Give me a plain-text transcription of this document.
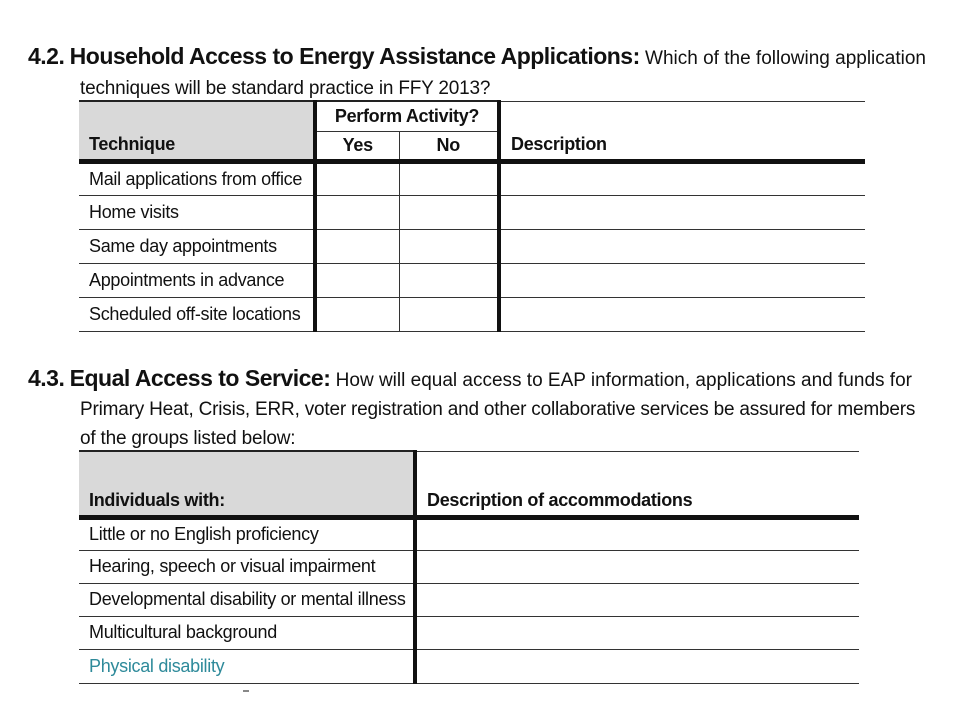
4.2. Household Access to Energy Assistance Applications: Which of the following application
techniques will be standard practice in FFY 2013?
	Perform Activity?		
Technique	Yes	No	Description
Mail applications from office			
Home visits			
Same day appointments			
Appointments in advance			
Scheduled off-site locations			
4.3. Equal Access to Service: How will equal access to EAP information, applications and funds for
Primary Heat, Crisis, ERR, voter registration and other collaborative services be assured for members
of the groups listed below:
Individuals with:	Description of accommodations
Little or no English proficiency	
Hearing, speech or visual impairment	
Developmental disability or mental illness	
Multicultural background	
Physical disability	
